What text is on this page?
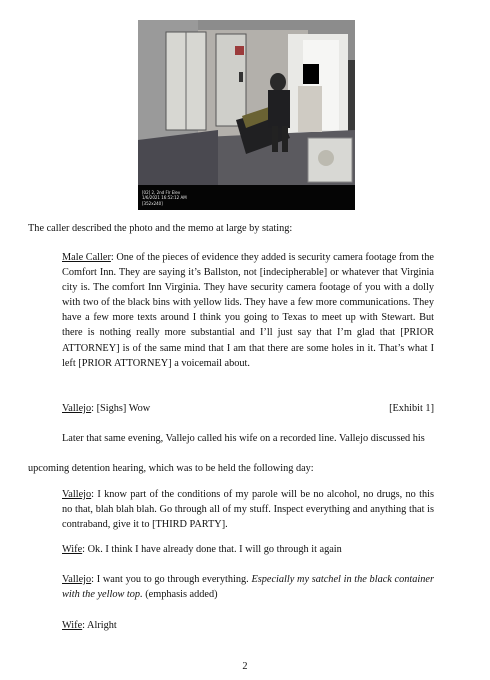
[02] 2, 2nd Flr Elev
1/6/2021 16:52:12 AM
[352x240]

The caller described the photo and the memo at large by stating:

Male Caller: One of the pieces of evidence they added is security camera footage from the Comfort Inn. They are saying it’s Ballston, not [indecipherable] or whatever that Virginia city is. The comfort Inn Virginia. They have security camera footage of you with a dolly with two of the black bins with yellow lids. They have a few more communications. They have a few more texts around I think you going to Texas to meet up with Stewart. But there is nothing really more substantial and I’ll just say that I’m glad that [PRIOR ATTORNEY] is of the same mind that I am that there are some holes in it. That’s what I left [PRIOR ATTORNEY] a voicemail about.

Vallejo: [Sighs] Wow	[Exhibit 1]

Later that same evening, Vallejo called his wife on a recorded line. Vallejo discussed his

upcoming detention hearing, which was to be held the following day:

Vallejo: I know part of the conditions of my parole will be no alcohol, no drugs, no this no that, blah blah blah. Go through all of my stuff. Inspect everything and anything that is contraband, give it to [THIRD PARTY].

Wife: Ok. I think I have already done that. I will go through it again

Vallejo: I want you to go through everything. Especially my satchel in the black container with the yellow top. (emphasis added)

Wife: Alright

2
